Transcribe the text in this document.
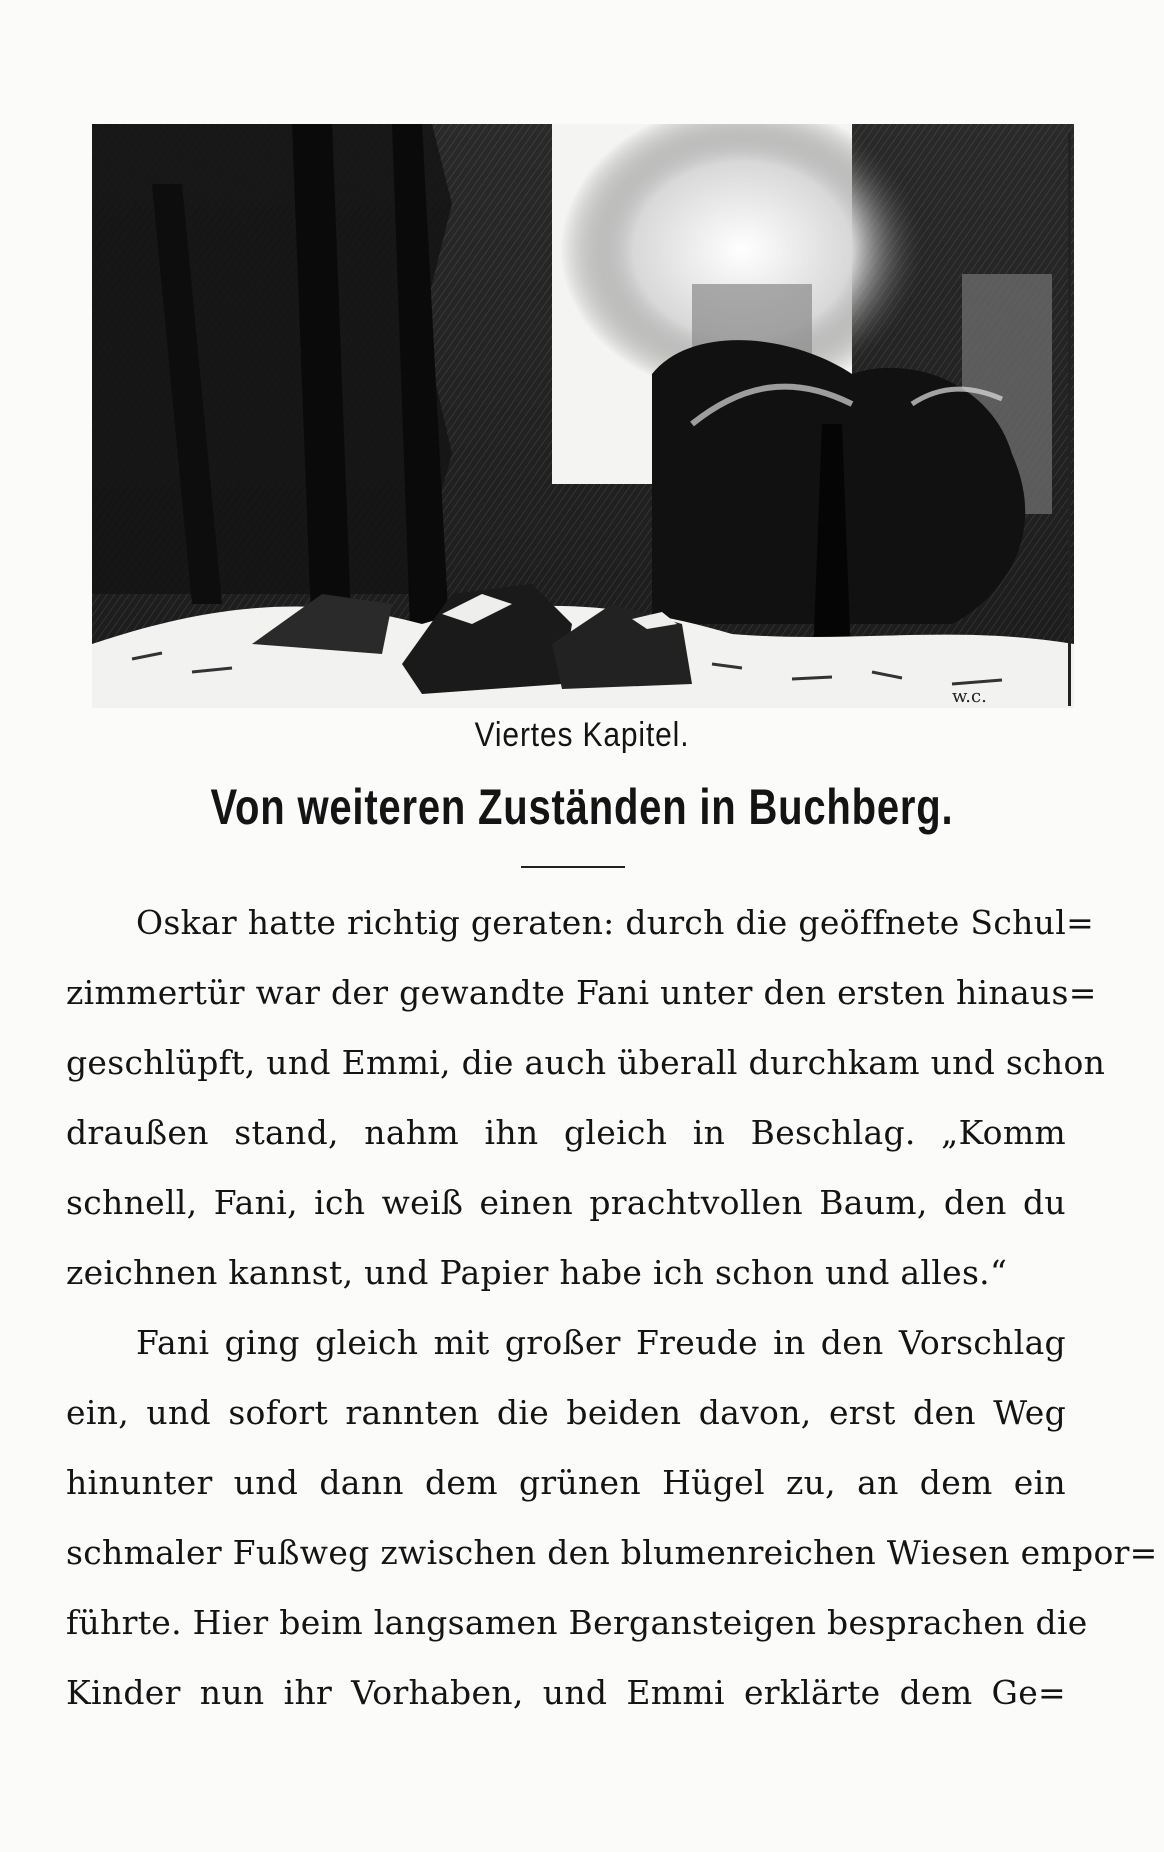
w.c.
Viertes Kapitel.
Von weiteren Zuständen in Buchberg.
Oskar hatte richtig geraten: durch die geöffnete Schul=
zimmertür war der gewandte Fani unter den ersten hinaus=
geschlüpft, und Emmi, die auch überall durchkam und schon
draußen stand, nahm ihn gleich in Beschlag. „Komm
schnell, Fani, ich weiß einen prachtvollen Baum, den du
zeichnen kannst, und Papier habe ich schon und alles.“
Fani ging gleich mit großer Freude in den Vorschlag
ein, und sofort rannten die beiden davon, erst den Weg
hinunter und dann dem grünen Hügel zu, an dem ein
schmaler Fußweg zwischen den blumenreichen Wiesen empor=
führte. Hier beim langsamen Bergansteigen besprachen die
Kinder nun ihr Vorhaben, und Emmi erklärte dem Ge=
